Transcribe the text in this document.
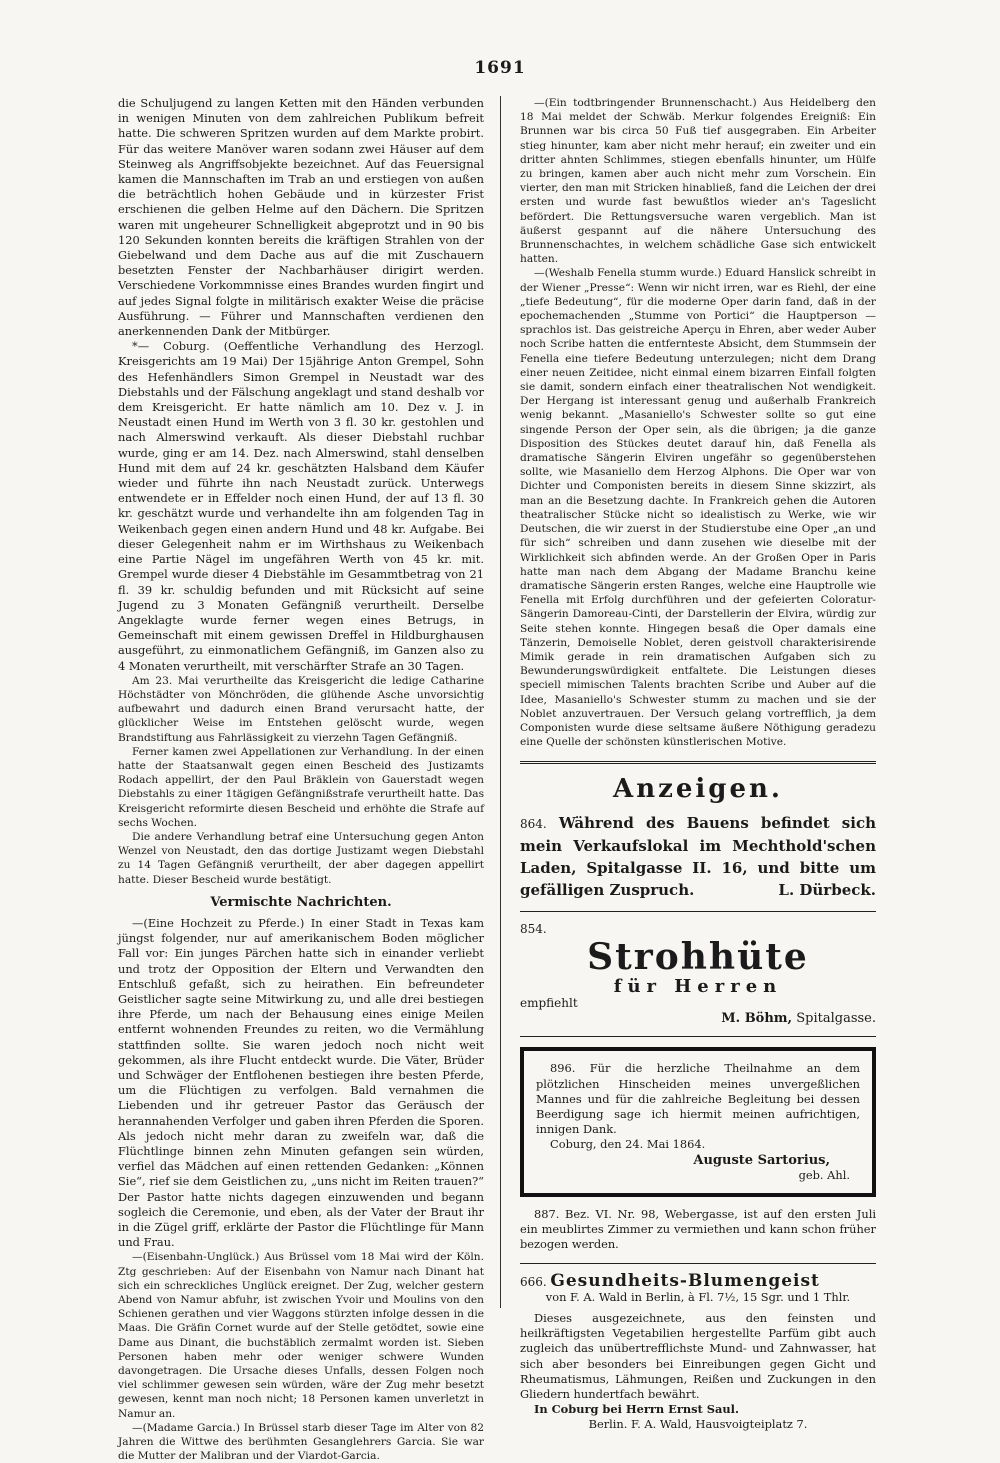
1691

die Schuljugend zu langen Ketten mit den Händen verbunden in wenigen Minuten von dem zahlreichen Publikum befreit hatte. Die schweren Spritzen wurden auf dem Markte probirt. Für das weitere Manöver waren sodann zwei Häuser auf dem Steinweg als Angriffsobjekte bezeichnet. Auf das Feuersignal kamen die Mannschaften im Trab an und erstiegen von außen die beträchtlich hohen Gebäude und in kürzester Frist erschienen die gelben Helme auf den Dächern. Die Spritzen waren mit ungeheurer Schnelligkeit abgeprotzt und in 90 bis 120 Sekunden konnten bereits die kräftigen Strahlen von der Giebelwand und dem Dache aus auf die mit Zuschauern besetzten Fenster der Nachbarhäuser dirigirt werden. Verschiedene Vorkommnisse eines Brandes wurden fingirt und auf jedes Signal folgte in militärisch exakter Weise die präcise Ausführung. — Führer und Mannschaften verdienen den anerkennenden Dank der Mitbürger.

*— Coburg. (Oeffentliche Verhandlung des Herzogl. Kreisgerichts am 19 Mai) Der 15jährige Anton Grempel, Sohn des Hefenhändlers Simon Grempel in Neustadt war des Diebstahls und der Fälschung angeklagt und stand deshalb vor dem Kreisgericht. Er hatte nämlich am 10. Dez v. J. in Neustadt einen Hund im Werth von 3 fl. 30 kr. gestohlen und nach Almerswind verkauft. Als dieser Diebstahl ruchbar wurde, ging er am 14. Dez. nach Almerswind, stahl denselben Hund mit dem auf 24 kr. geschätzten Halsband dem Käufer wieder und führte ihn nach Neustadt zurück. Unterwegs entwendete er in Effelder noch einen Hund, der auf 13 fl. 30 kr. geschätzt wurde und verhandelte ihn am folgenden Tag in Weikenbach gegen einen andern Hund und 48 kr. Aufgabe. Bei dieser Gelegenheit nahm er im Wirthshaus zu Weikenbach eine Partie Nägel im ungefähren Werth von 45 kr. mit. Grempel wurde dieser 4 Diebstähle im Gesammtbetrag von 21 fl. 39 kr. schuldig befunden und mit Rücksicht auf seine Jugend zu 3 Monaten Gefängniß verurtheilt. Derselbe Angeklagte wurde ferner wegen eines Betrugs, in Gemeinschaft mit einem gewissen Dreffel in Hildburghausen ausgeführt, zu einmonatlichem Gefängniß, im Ganzen also zu 4 Monaten verurtheilt, mit verschärfter Strafe an 30 Tagen.

Am 23. Mai verurtheilte das Kreisgericht die ledige Catharine Höchstädter von Mönchröden, die glühende Asche unvorsichtig aufbewahrt und dadurch einen Brand verursacht hatte, der glücklicher Weise im Entstehen gelöscht wurde, wegen Brandstiftung aus Fahrlässigkeit zu vierzehn Tagen Gefängniß.

Ferner kamen zwei Appellationen zur Verhandlung. In der einen hatte der Staatsanwalt gegen einen Bescheid des Justizamts Rodach appellirt, der den Paul Bräklein von Gauerstadt wegen Diebstahls zu einer 1tägigen Gefängnißstrafe verurtheilt hatte. Das Kreisgericht reformirte diesen Bescheid und erhöhte die Strafe auf sechs Wochen.

Die andere Verhandlung betraf eine Untersuchung gegen Anton Wenzel von Neustadt, den das dortige Justizamt wegen Diebstahl zu 14 Tagen Gefängniß verurtheilt, der aber dagegen appellirt hatte. Dieser Bescheid wurde bestätigt.

Vermischte Nachrichten.

—(Eine Hochzeit zu Pferde.) In einer Stadt in Texas kam jüngst folgender, nur auf amerikanischem Boden möglicher Fall vor: Ein junges Pärchen hatte sich in einander verliebt und trotz der Opposition der Eltern und Verwandten den Entschluß gefaßt, sich zu heirathen. Ein befreundeter Geistlicher sagte seine Mitwirkung zu, und alle drei bestiegen ihre Pferde, um nach der Behausung eines einige Meilen entfernt wohnenden Freundes zu reiten, wo die Vermählung stattfinden sollte. Sie waren jedoch noch nicht weit gekommen, als ihre Flucht entdeckt wurde. Die Väter, Brüder und Schwäger der Entflohenen bestiegen ihre besten Pferde, um die Flüchtigen zu verfolgen. Bald vernahmen die Liebenden und ihr getreuer Pastor das Geräusch der herannahenden Verfolger und gaben ihren Pferden die Sporen. Als jedoch nicht mehr daran zu zweifeln war, daß die Flüchtlinge binnen zehn Minuten gefangen sein würden, verfiel das Mädchen auf einen rettenden Gedanken: „Können Sie“, rief sie dem Geistlichen zu, „uns nicht im Reiten trauen?“ Der Pastor hatte nichts dagegen einzuwenden und begann sogleich die Ceremonie, und eben, als der Vater der Braut ihr in die Zügel griff, erklärte der Pastor die Flüchtlinge für Mann und Frau.

—(Eisenbahn-Unglück.) Aus Brüssel vom 18 Mai wird der Köln. Ztg geschrieben: Auf der Eisenbahn von Namur nach Dinant hat sich ein schreckliches Unglück ereignet. Der Zug, welcher gestern Abend von Namur abfuhr, ist zwischen Yvoir und Moulins von den Schienen gerathen und vier Waggons stürzten infolge dessen in die Maas. Die Gräfin Cornet wurde auf der Stelle getödtet, sowie eine Dame aus Dinant, die buchstäblich zermalmt worden ist. Sieben Personen haben mehr oder weniger schwere Wunden davongetragen. Die Ursache dieses Unfalls, dessen Folgen noch viel schlimmer gewesen sein würden, wäre der Zug mehr besetzt gewesen, kennt man noch nicht; 18 Personen kamen unverletzt in Namur an.

—(Madame Garcia.) In Brüssel starb dieser Tage im Alter von 82 Jahren die Wittwe des berühmten Gesanglehrers Garcia. Sie war die Mutter der Malibran und der Viardot-Garcia.

—(Ein todtbringender Brunnenschacht.) Aus Heidelberg den 18 Mai meldet der Schwäb. Merkur folgendes Ereigniß: Ein Brunnen war bis circa 50 Fuß tief ausgegraben. Ein Arbeiter stieg hinunter, kam aber nicht mehr herauf; ein zweiter und ein dritter ahnten Schlimmes, stiegen ebenfalls hinunter, um Hülfe zu bringen, kamen aber auch nicht mehr zum Vorschein. Ein vierter, den man mit Stricken hinabließ, fand die Leichen der drei ersten und wurde fast bewußtlos wieder an's Tageslicht befördert. Die Rettungsversuche waren vergeblich. Man ist äußerst gespannt auf die nähere Untersuchung des Brunnenschachtes, in welchem schädliche Gase sich entwickelt hatten.

—(Weshalb Fenella stumm wurde.) Eduard Hanslick schreibt in der Wiener „Presse“: Wenn wir nicht irren, war es Riehl, der eine „tiefe Bedeutung“, für die moderne Oper darin fand, daß in der epochemachenden „Stumme von Portici“ die Hauptperson — sprachlos ist. Das geistreiche Aperçu in Ehren, aber weder Auber noch Scribe hatten die entfernteste Absicht, dem Stummsein der Fenella eine tiefere Bedeutung unterzulegen; nicht dem Drang einer neuen Zeitidee, nicht einmal einem bizarren Einfall folgten sie damit, sondern einfach einer theatralischen Not wendigkeit. Der Hergang ist interessant genug und außerhalb Frankreich wenig bekannt. „Masaniello's Schwester sollte so gut eine singende Person der Oper sein, als die übrigen; ja die ganze Disposition des Stückes deutet darauf hin, daß Fenella als dramatische Sängerin Elviren ungefähr so gegenüberstehen sollte, wie Masaniello dem Herzog Alphons. Die Oper war von Dichter und Componisten bereits in diesem Sinne skizzirt, als man an die Besetzung dachte. In Frankreich gehen die Autoren theatralischer Stücke nicht so idealistisch zu Werke, wie wir Deutschen, die wir zuerst in der Studierstube eine Oper „an und für sich“ schreiben und dann zusehen wie dieselbe mit der Wirklichkeit sich abfinden werde. An der Großen Oper in Paris hatte man nach dem Abgang der Madame Branchu keine dramatische Sängerin ersten Ranges, welche eine Hauptrolle wie Fenella mit Erfolg durchführen und der gefeierten Coloratur-Sängerin Damoreau-Cinti, der Darstellerin der Elvira, würdig zur Seite stehen konnte. Hingegen besaß die Oper damals eine Tänzerin, Demoiselle Noblet, deren geistvoll charakterisirende Mimik gerade in rein dramatischen Aufgaben sich zu Bewunderungswürdigkeit entfaltete. Die Leistungen dieses speciell mimischen Talents brachten Scribe und Auber auf die Idee, Masaniello's Schwester stumm zu machen und sie der Noblet anzuvertrauen. Der Versuch gelang vortrefflich, ja dem Componisten wurde diese seltsame äußere Nöthigung geradezu eine Quelle der schönsten künstlerischen Motive.

Anzeigen.
864. Während des Bauens befindet sich mein Verkaufslokal im Mechthold'schen Laden, Spitalgasse II. 16, und bitte um gefälligen Zuspruch.	L. Dürbeck.
854.
Strohhüte
für Herren
empfiehlt
M. Böhm, Spitalgasse.

896. Für die herzliche Theilnahme an dem plötzlichen Hinscheiden meines unvergeßlichen Mannes und für die zahlreiche Begleitung bei dessen Beerdigung sage ich hiermit meinen aufrichtigen, innigen Dank.

Coburg, den 24. Mai 1864.
Auguste Sartorius,
geb. Ahl.

887. Bez. VI. Nr. 98, Webergasse, ist auf den ersten Juli ein meublirtes Zimmer zu vermiethen und kann schon früher bezogen werden.

666. Gesundheits-Blumengeist
von F. A. Wald in Berlin, à Fl. 7½, 15 Sgr. und 1 Thlr.

Dieses ausgezeichnete, aus den feinsten und heilkräftigsten Vegetabilien hergestellte Parfüm gibt auch zugleich das unübertrefflichste Mund- und Zahnwasser, hat sich aber besonders bei Einreibungen gegen Gicht und Rheumatismus, Lähmungen, Reißen und Zuckungen in den Gliedern hundertfach bewährt.

In Coburg bei Herrn Ernst Saul.
Berlin. F. A. Wald, Hausvoigteiplatz 7.
